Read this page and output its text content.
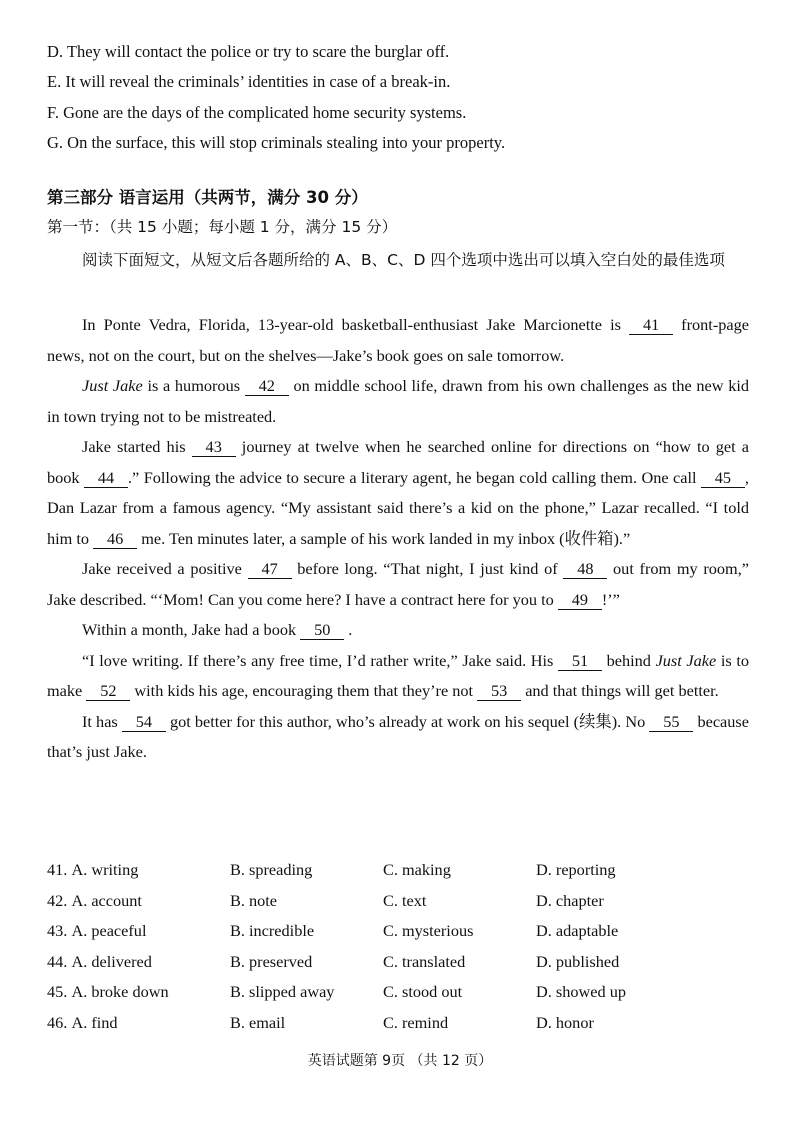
D. They will contact the police or try to scare the burglar off.
E. It will reveal the criminals’ identities in case of a break-in.
F. Gone are the days of the complicated home security systems.
G. On the surface, this will stop criminals stealing into your property.
第三部分 语言运用（共两节，满分 30 分）
第一节：（共 15 小题；每小题 1 分，满分 15 分）
阅读下面短文，从短文后各题所给的 A、B、C、D 四个选项中选出可以填入空白处的最佳选项

In Ponte Vedra, Florida, 13-year-old basketball-enthusiast Jake Marcionette is 41 front-page news, not on the court, but on the shelves—Jake’s book goes on sale tomorrow.

Just Jake is a humorous 42 on middle school life, drawn from his own challenges as the new kid in town trying not to be mistreated.

Jake started his 43 journey at twelve when he searched online for directions on “how to get a book 44 .” Following the advice to secure a literary agent, he began cold calling them. One call 45 , Dan Lazar from a famous agency. “My assistant said there’s a kid on the phone,” Lazar recalled. “I told him to 46 me. Ten minutes later, a sample of his work landed in my inbox (收件箱).”

Jake received a positive 47 before long. “That night, I just kind of 48 out from my room,” Jake described. “‘Mom! Can you come here? I have a contract here for you to 49 !’”

Within a month, Jake had a book 50 .

“I love writing. If there’s any free time, I’d rather write,” Jake said. His 51 behind Just Jake is to make 52 with kids his age, encouraging them that they’re not 53 and that things will get better.

It has 54 got better for this author, who’s already at work on his sequel (续集). No 55 because that’s just Jake.

41. A. writing	B. spreading	C. making	D. reporting
42. A. account	B. note	C. text	D. chapter
43. A. peaceful	B. incredible	C. mysterious	D. adaptable
44. A. delivered	B. preserved	C. translated	D. published
45. A. broke down	B. slipped away	C. stood out	D. showed up
46. A. find	B. email	C. remind	D. honor
英语试题第 9页 （共 12 页）
